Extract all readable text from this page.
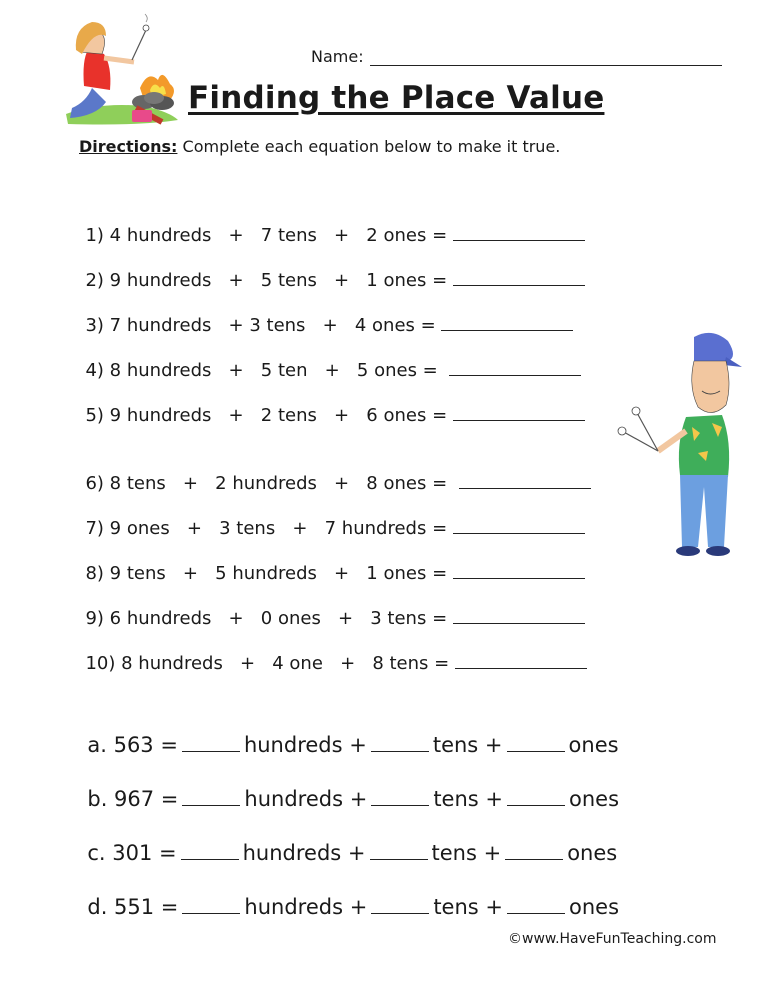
Name:
Finding the Place Value
Directions: Complete each equation below to make it true.

1) 4 hundreds   +   7 tens   +   2 ones =

2) 9 hundreds   +   5 tens   +   1 ones =

3) 7 hundreds   + 3 tens   +   4 ones =

4) 8 hundreds   +   5 ten   +   5 ones =

5) 9 hundreds   +   2 tens   +   6 ones =

6) 8 tens   +   2 hundreds   +   8 ones =

7) 9 ones   +   3 tens   +   7 hundreds =

8) 9 tens   +   5 hundreds   +   1 ones =

9) 6 hundreds   +   0 ones   +   3 tens =

10) 8 hundreds   +   4 one   +   8 tens =

a. 563 =	hundreds +	tens +	ones

b. 967 =	hundreds +	tens +	ones

c. 301 =	hundreds +	tens +	ones

d. 551 =	hundreds +	tens +	ones

©www.HaveFunTeaching.com
